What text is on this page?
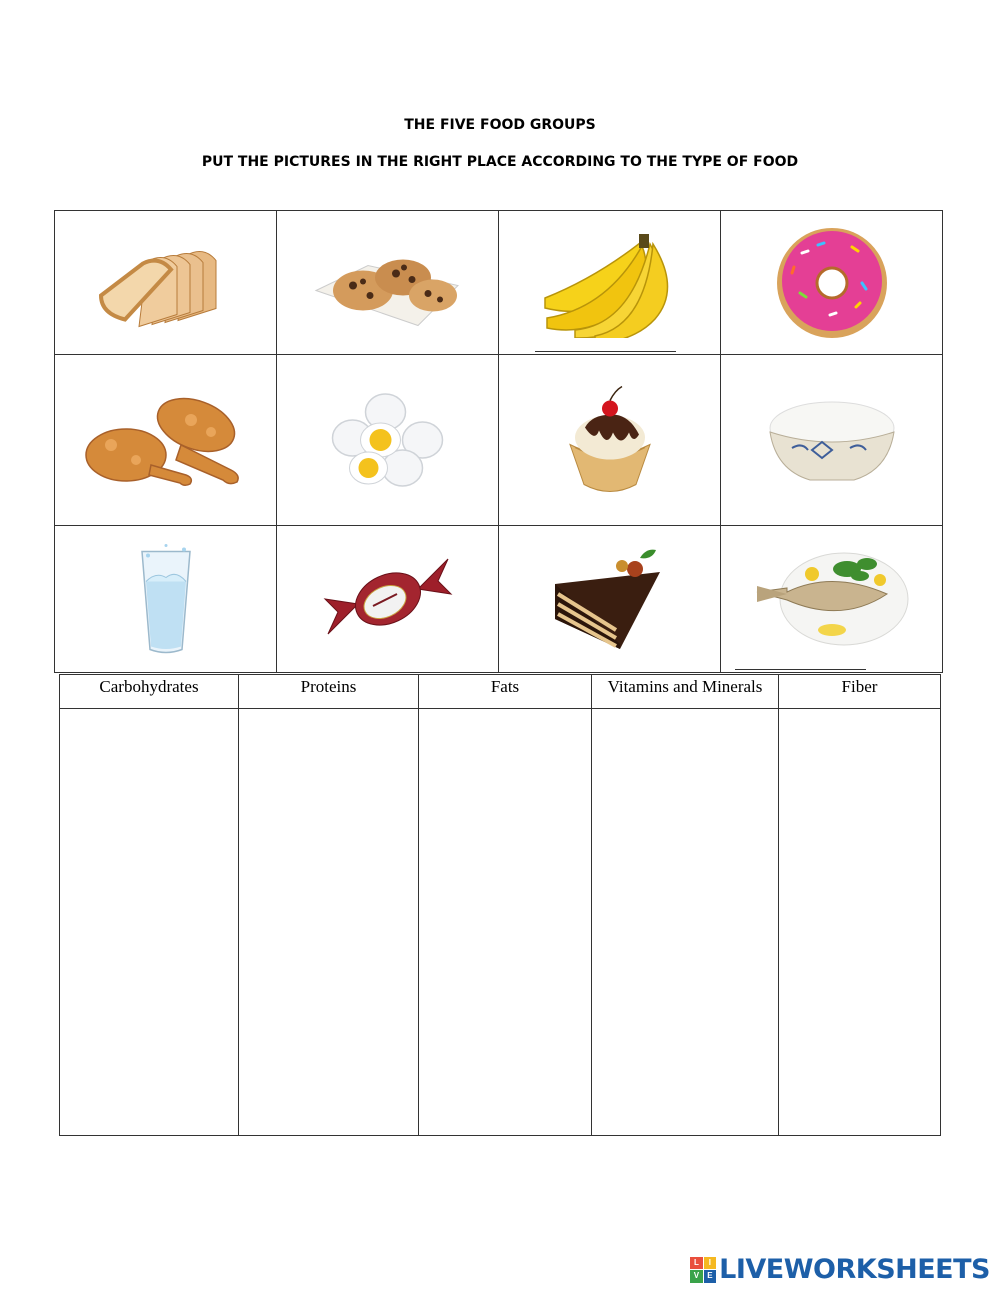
THE FIVE FOOD GROUPS
PUT THE PICTURES IN THE RIGHT PLACE ACCORDING TO THE TYPE OF FOOD

Carbohydrates	Proteins	Fats	Vitamins and Minerals	Fiber

L	I
V	E LIVEWORKSHEETS
